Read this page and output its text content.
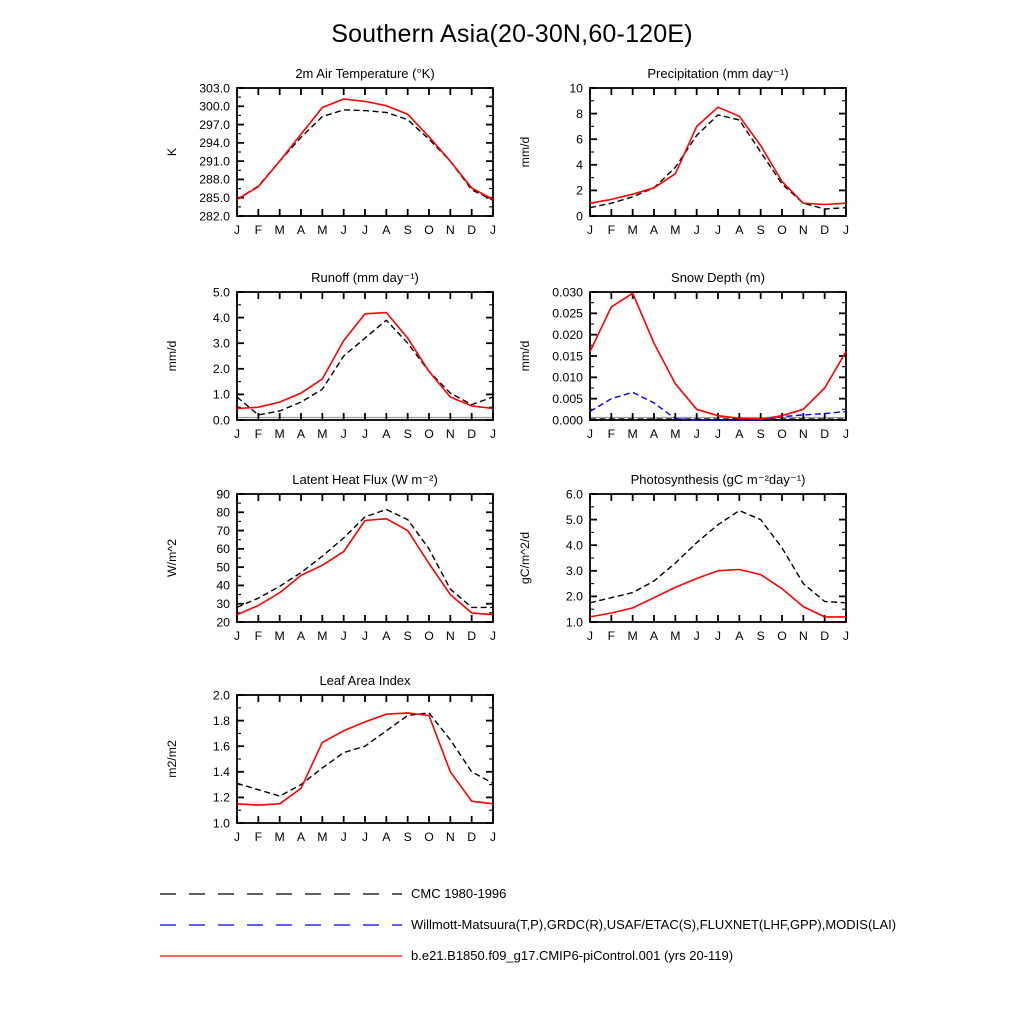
Southern Asia(20-30N,60-120E)
2m Air Temperature (°K)
K
282.0
285.0
288.0
291.0
294.0
297.0
300.0
303.0
J F M A M J J A S O N D J
Precipitation (mm day⁻¹)
mm/d
0
2
4
6
8
10
J F M A M J J A S O N D J
Runoff (mm day⁻¹)
mm/d
0.0
1.0
2.0
3.0
4.0
5.0
J F M A M J J A S O N D J
Snow Depth (m)
mm/d
0.000
0.005
0.010
0.015
0.020
0.025
0.030
J F M A M J J A S O N D J
Latent Heat Flux (W m⁻²)
W/m^2
20
30
40
50
60
70
80
90
J F M A M J J A S O N D J
Photosynthesis (gC m⁻²day⁻¹)
gC/m^2/d
1.0
2.0
3.0
4.0
5.0
6.0
J F M A M J J A S O N D J
Leaf Area Index
m2/m2
1.0
1.2
1.4
1.6
1.8
2.0
J F M A M J J A S O N D J
CMC 1980-1996
Willmott-Matsuura(T,P),GRDC(R),USAF/ETAC(S),FLUXNET(LHF,GPP),MODIS(LAI)
b.e21.B1850.f09_g17.CMIP6-piControl.001 (yrs 20-119)
